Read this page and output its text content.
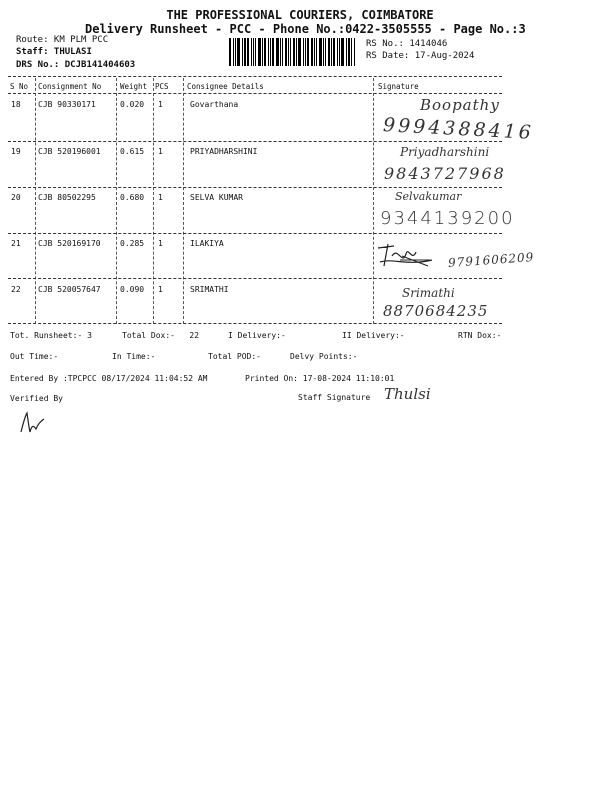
THE PROFESSIONAL COURIERS, COIMBATORE
Delivery Runsheet - PCC - Phone No.:0422-3505555 - Page No.:3
Route: KM PLM PCC
Staff: THULASI
DRS No.: DCJB141404603
RS No.: 1414046
RS Date: 17-Aug-2024
S No Consignment No	Weight PCS Consignee Details	Signature
18 CJB 90330171	0.020 1	Govarthana	Boopathy
9994388416
19 CJB 520196001 0.615 1	PRIYADHARSHINI	Priyadharshini
9843727968
20 CJB 80502295	0.680 1	SELVA KUMAR	Selvakumar
9344139200
21 CJB 520169170 0.285 1	ILAKIYA
9791606209
22 CJB 520057647 0.090 1	SRIMATHI	Srimathi
8870684235
Tot. Runsheet:- 3	Total Dox:-   22	I Delivery:-	II Delivery:-	RTN Dox:-
Out Time:-	In Time:-	Total POD:-	Delvy Points:-
Entered By :TPCPCC 08/17/2024 11:04:52 AM	Printed On: 17-08-2024 11:10:01
Verified By	Staff Signature Thulsi
